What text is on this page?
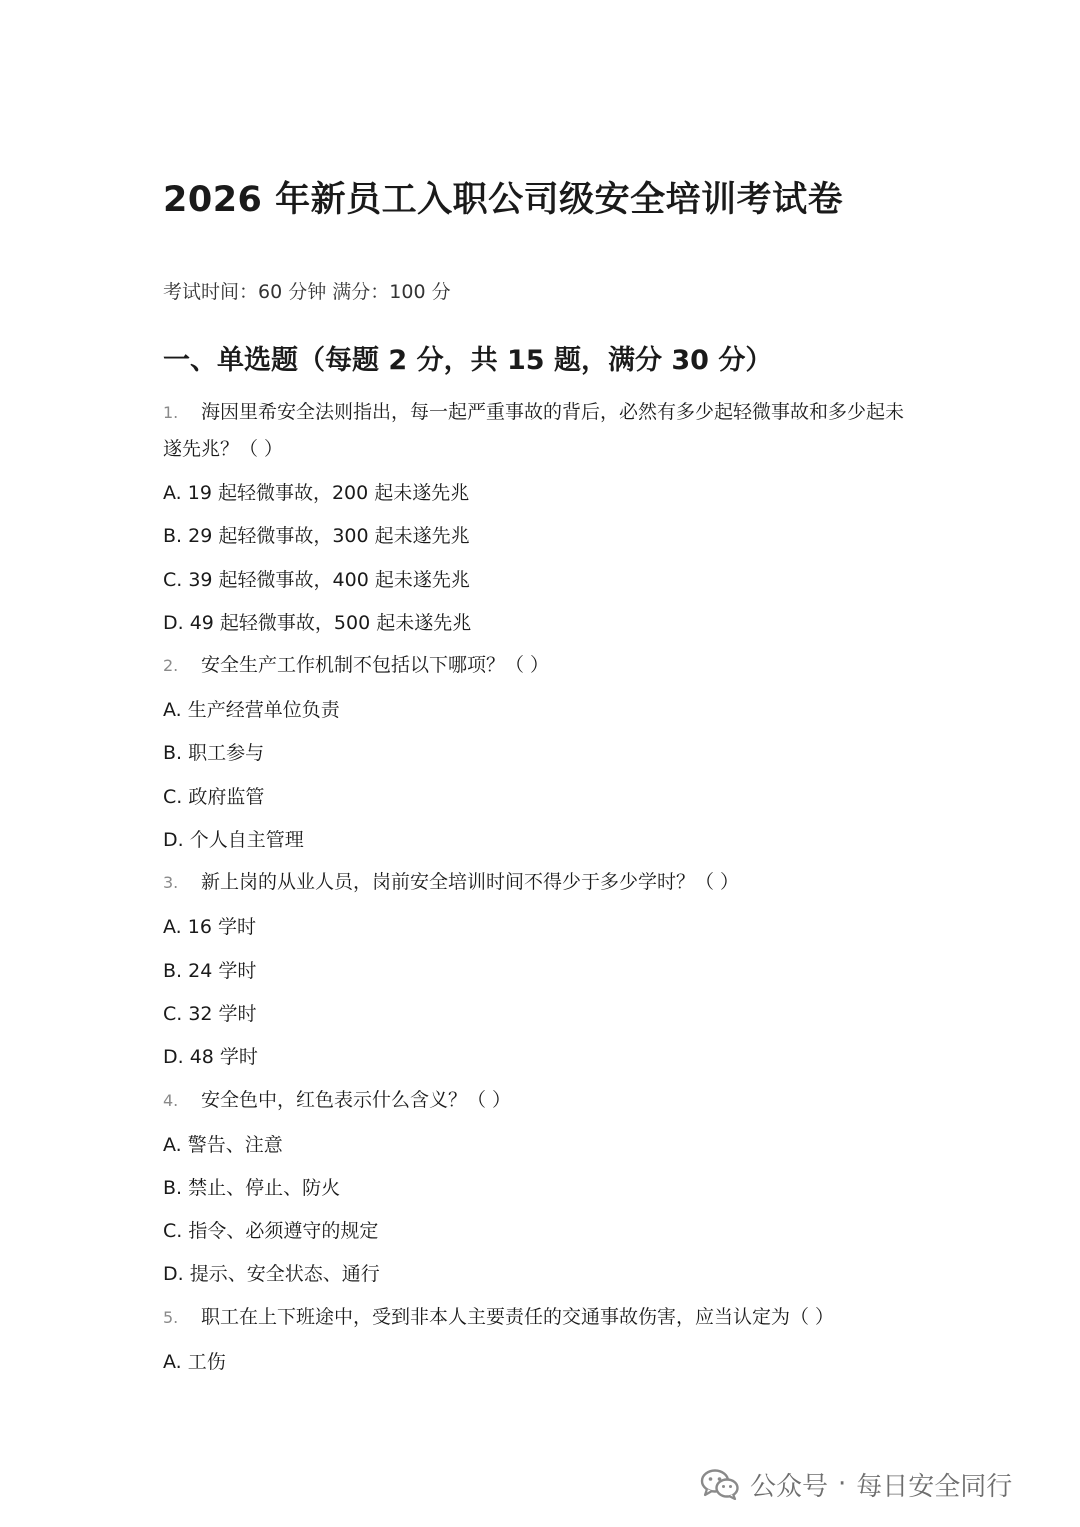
2026 年新员工入职公司级安全培训考试卷
考试时间：60 分钟 满分：100 分
一、单选题（每题 2 分，共 15 题，满分 30 分）

1. 海因里希安全法则指出，每一起严重事故的背后，必然有多少起轻微事故和多少起未遂先兆？（ ）

A. 19 起轻微事故，200 起未遂先兆

B. 29 起轻微事故，300 起未遂先兆

C. 39 起轻微事故，400 起未遂先兆

D. 49 起轻微事故，500 起未遂先兆

2. 安全生产工作机制不包括以下哪项？（ ）

A. 生产经营单位负责

B. 职工参与

C. 政府监管

D. 个人自主管理

3. 新上岗的从业人员，岗前安全培训时间不得少于多少学时？（ ）

A. 16 学时

B. 24 学时

C. 32 学时

D. 48 学时

4. 安全色中，红色表示什么含义？（ ）

A. 警告、注意

B. 禁止、停止、防火

C. 指令、必须遵守的规定

D. 提示、安全状态、通行

5. 职工在上下班途中，受到非本人主要责任的交通事故伤害，应当认定为（ ）

A. 工伤

公众号 · 每日安全同行
